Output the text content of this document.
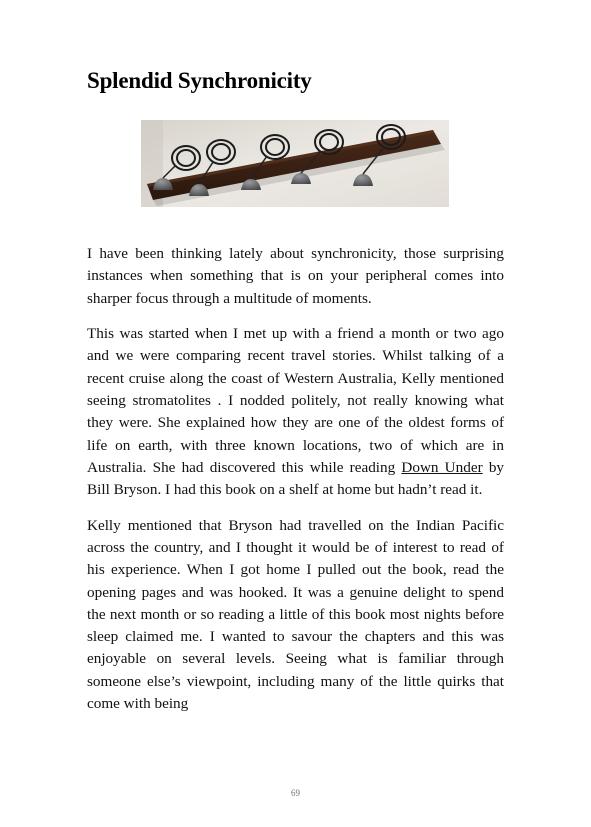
Splendid Synchronicity

I have been thinking lately about synchronicity, those surprising instances when something that is on your peripheral comes into sharper focus through a multitude of moments.

This was started when I met up with a friend a month or two ago and we were comparing recent travel stories. Whilst talking of a recent cruise along the coast of Western Australia, Kelly mentioned seeing stromatolites . I nodded politely, not really knowing what they were. She explained how they are one of the oldest forms of life on earth, with three known locations, two of which are in Australia. She had discovered this while reading Down Under by Bill Bryson. I had this book on a shelf at home but hadn’t read it.

Kelly mentioned that Bryson had travelled on the Indian Pacific across the country, and I thought it would be of interest to read of his experience. When I got home I pulled out the book, read the opening pages and was hooked. It was a genuine delight to spend the next month or so reading a little of this book most nights before sleep claimed me. I wanted to savour the chapters and this was enjoyable on several levels. Seeing what is familiar through someone else’s viewpoint, including many of the little quirks that come with being

69
